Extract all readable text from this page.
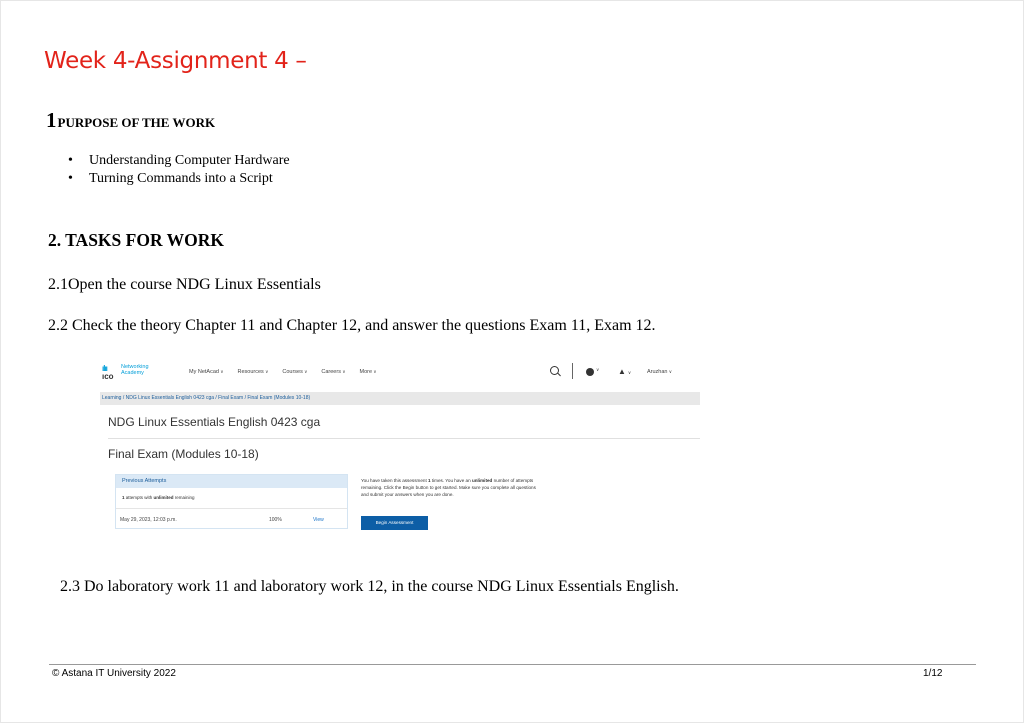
Week 4-Assignment 4 –
1PURPOSE OF THE WORK
• Understanding Computer Hardware
• Turning Commands into a Script
2. TASKS FOR WORK
2.1Open the course NDG Linux Essentials
2.2 Check the theory Chapter 11 and Chapter 12, and answer the questions Exam 11, Exam 12.
ılıı
ıco
Networking
Academy	My NetAcad ∨	Resources ∨	Courses ∨	Careers ∨	More ∨
∨	▲ ∨	Aruzhan ∨
Learning / NDG Linux Essentials English 0423 cga / Final Exam / Final Exam (Modules 10-18)
NDG Linux Essentials English 0423 cga
Final Exam (Modules 10-18)
Previous Attempts
1 attempts with unlimited remaining
May 29, 2023, 12:03 p.m.	100%	View
You have taken this assessment 1 times. You have an unlimited number of attempts remaining. Click the Begin button to get started. Make sure you complete all questions and submit your answers when you are done.
Begin Assessment
2.3 Do laboratory work 11 and laboratory work 12, in the course NDG Linux Essentials English.
© Astana IT University 2022	1/12
